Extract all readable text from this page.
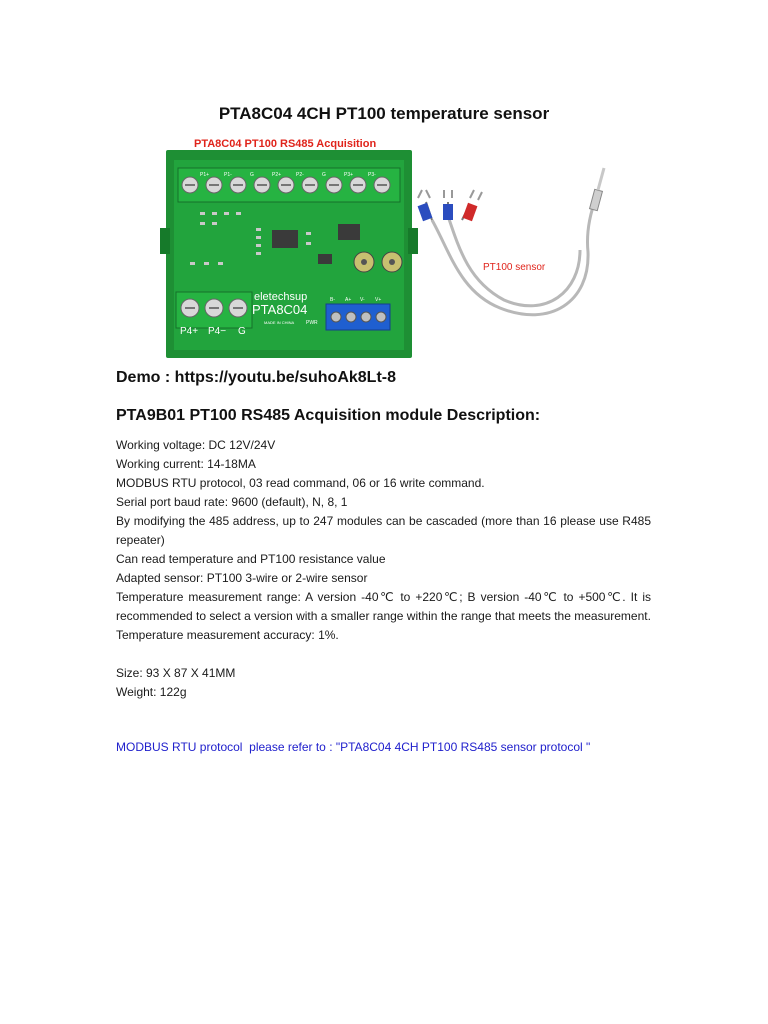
PTA8C04 4CH PT100 temperature sensor
PTA8C04 PT100 RS485 Acquisition
P1+	P1-	G	P2+	P2-	G	P3+	P3-
P4+ P4− G
eletechsup
PTA8C04
MADE IN CHINA PWR
B- A+ V- V+
PT100 sensor
Demo : https://youtu.be/suhoAk8Lt-8
PTA9B01 PT100 RS485 Acquisition module Description:

Working voltage: DC 12V/24V

Working current: 14-18MA

MODBUS RTU protocol, 03 read command, 06 or 16 write command.

Serial port baud rate: 9600 (default), N, 8, 1

By modifying the 485 address, up to 247 modules can be cascaded (more than 16 please use R485 repeater)

Can read temperature and PT100 resistance value

Adapted sensor: PT100 3-wire or 2-wire sensor

Temperature measurement range: A version -40℃ to +220℃; B version -40℃ to +500℃. It is recommended to select a version with a smaller range within the range that meets the measurement.

Temperature measurement accuracy: 1%.

Size: 93 X 87 X 41MM

Weight: 122g

MODBUS RTU protocol  please refer to : "PTA8C04 4CH PT100 RS485 sensor protocol "
